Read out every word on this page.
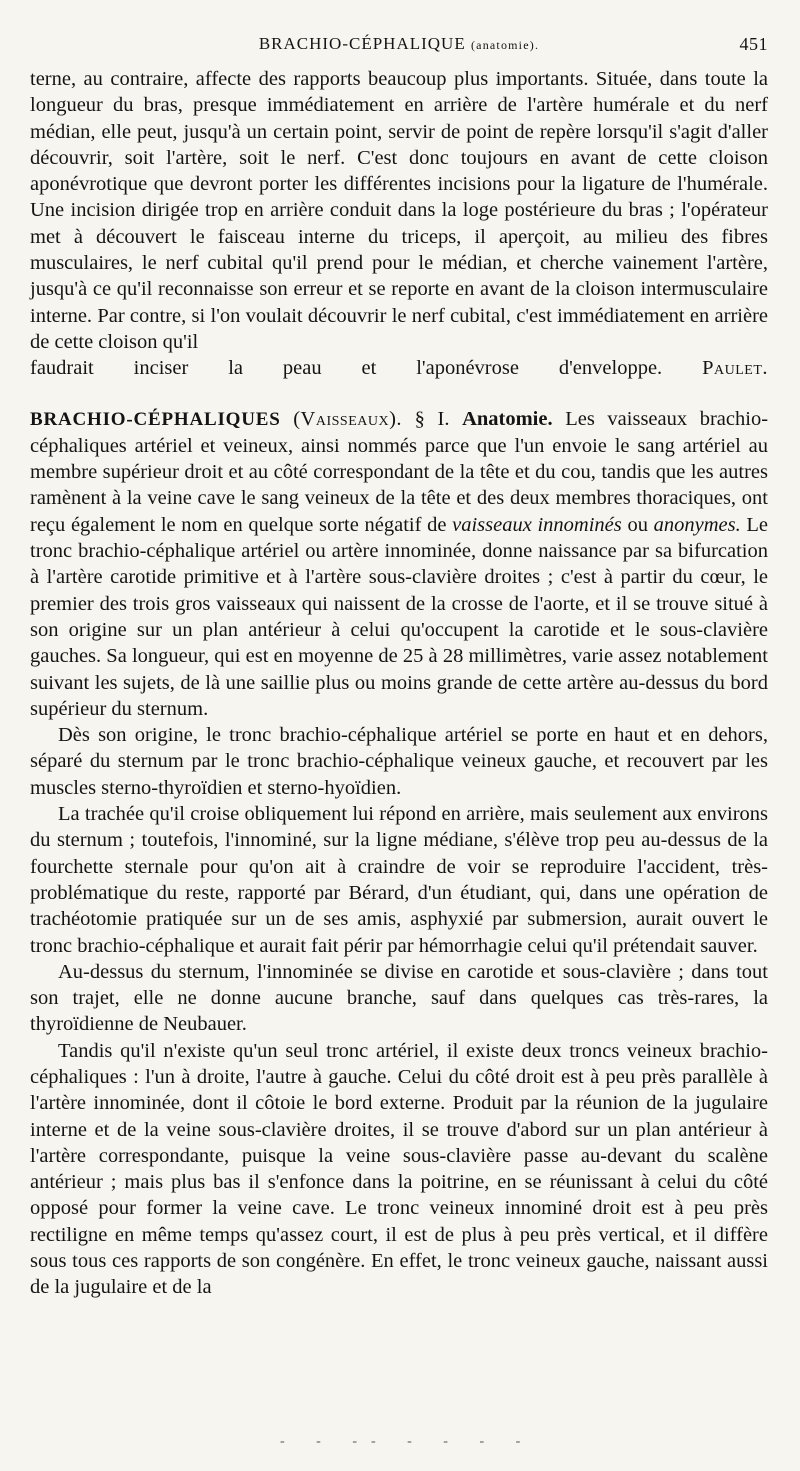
BRACHIO-CÉPHALIQUE (anatomie).	451

terne, au contraire, affecte des rapports beaucoup plus importants. Située, dans toute la longueur du bras, presque immédiatement en arrière de l'artère humérale et du nerf médian, elle peut, jusqu'à un certain point, servir de point de repère lorsqu'il s'agit d'aller découvrir, soit l'artère, soit le nerf. C'est donc toujours en avant de cette cloison aponévrotique que devront porter les différentes incisions pour la ligature de l'humérale. Une incision dirigée trop en arrière conduit dans la loge postérieure du bras ; l'opérateur met à découvert le faisceau interne du triceps, il aperçoit, au milieu des fibres musculaires, le nerf cubital qu'il prend pour le médian, et cherche vainement l'artère, jusqu'à ce qu'il reconnaisse son erreur et se reporte en avant de la cloison intermusculaire interne. Par contre, si l'on voulait découvrir le nerf cubital, c'est immédiatement en arrière de cette cloison qu'il

faudrait inciser la peau et l'aponévrose d'enveloppe. Paulet.

BRACHIO-CÉPHALIQUES (Vaisseaux). § I. Anatomie. Les vaisseaux brachio-céphaliques artériel et veineux, ainsi nommés parce que l'un envoie le sang artériel au membre supérieur droit et au côté correspondant de la tête et du cou, tandis que les autres ramènent à la veine cave le sang veineux de la tête et des deux membres thoraciques, ont reçu également le nom en quelque sorte négatif de vaisseaux innominés ou anonymes. Le tronc brachio-céphalique artériel ou artère innominée, donne naissance par sa bifurcation à l'artère carotide primitive et à l'artère sous-clavière droites ; c'est à partir du cœur, le premier des trois gros vaisseaux qui naissent de la crosse de l'aorte, et il se trouve situé à son origine sur un plan antérieur à celui qu'occupent la carotide et le sous-clavière gauches. Sa longueur, qui est en moyenne de 25 à 28 millimètres, varie assez notablement suivant les sujets, de là une saillie plus ou moins grande de cette artère au-dessus du bord supérieur du sternum.

Dès son origine, le tronc brachio-céphalique artériel se porte en haut et en dehors, séparé du sternum par le tronc brachio-céphalique veineux gauche, et recouvert par les muscles sterno-thyroïdien et sterno-hyoïdien.

La trachée qu'il croise obliquement lui répond en arrière, mais seulement aux environs du sternum ; toutefois, l'innominé, sur la ligne médiane, s'élève trop peu au-dessus de la fourchette sternale pour qu'on ait à craindre de voir se reproduire l'accident, très-problématique du reste, rapporté par Bérard, d'un étudiant, qui, dans une opération de trachéotomie pratiquée sur un de ses amis, asphyxié par submersion, aurait ouvert le tronc brachio-céphalique et aurait fait périr par hémorrhagie celui qu'il prétendait sauver.

Au-dessus du sternum, l'innominée se divise en carotide et sous-clavière ; dans tout son trajet, elle ne donne aucune branche, sauf dans quelques cas très-rares, la thyroïdienne de Neubauer.

Tandis qu'il n'existe qu'un seul tronc artériel, il existe deux troncs veineux brachio-céphaliques : l'un à droite, l'autre à gauche. Celui du côté droit est à peu près parallèle à l'artère innominée, dont il côtoie le bord externe. Produit par la réunion de la jugulaire interne et de la veine sous-clavière droites, il se trouve d'abord sur un plan antérieur à l'artère correspondante, puisque la veine sous-clavière passe au-devant du scalène antérieur ; mais plus bas il s'enfonce dans la poitrine, en se réunissant à celui du côté opposé pour former la veine cave. Le tronc veineux innominé droit est à peu près rectiligne en même temps qu'assez court, il est de plus à peu près vertical, et il diffère sous tous ces rapports de son congénère. En effet, le tronc veineux gauche, naissant aussi de la jugulaire et de la

- - -- - - - -
